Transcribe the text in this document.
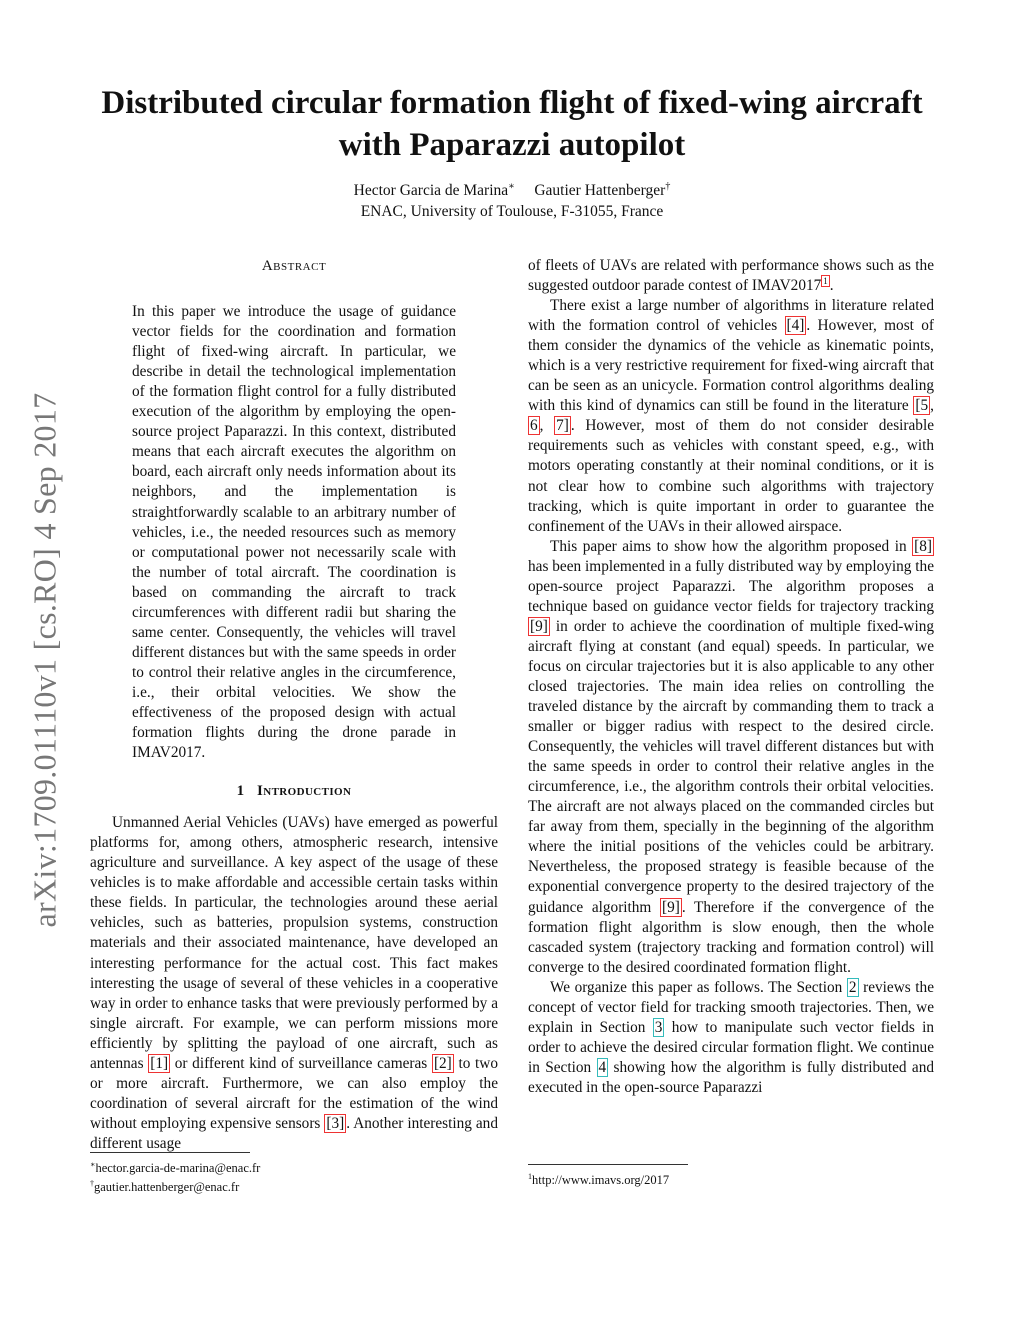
arXiv:1709.01110v1 [cs.RO] 4 Sep 2017
Distributed circular formation flight of fixed-wing aircraft with Paparazzi autopilot
Hector Garcia de Marina∗ Gautier Hattenberger†
ENAC, University of Toulouse, F-31055, France
Abstract

In this paper we introduce the usage of guidance vector fields for the coordination and formation flight of fixed-wing aircraft. In particular, we describe in detail the technological implementation of the formation flight control for a fully distributed execution of the algorithm by employing the open-source project Paparazzi. In this context, distributed means that each aircraft executes the algorithm on board, each aircraft only needs information about its neighbors, and the implementation is straightforwardly scalable to an arbitrary number of vehicles, i.e., the needed resources such as memory or computational power not necessarily scale with the number of total aircraft. The coordination is based on commanding the aircraft to track circumferences with different radii but sharing the same center. Consequently, the vehicles will travel different distances but with the same speeds in order to control their relative angles in the circumference, i.e., their orbital velocities. We show the effectiveness of the proposed design with actual formation flights during the drone parade in IMAV2017.

1 Introduction

Unmanned Aerial Vehicles (UAVs) have emerged as powerful platforms for, among others, atmospheric research, intensive agriculture and surveillance. A key aspect of the usage of these vehicles is to make affordable and accessible certain tasks within these fields. In particular, the technologies around these aerial vehicles, such as batteries, propulsion systems, construction materials and their associated maintenance, have developed an interesting performance for the actual cost. This fact makes interesting the usage of several of these vehicles in a cooperative way in order to enhance tasks that were previously performed by a single aircraft. For example, we can perform missions more efficiently by splitting the payload of one aircraft, such as antennas [1] or different kind of surveillance cameras [2] to two or more aircraft. Furthermore, we can also employ the coordination of several aircraft for the estimation of the wind without employing expensive sensors [3] . Another interesting and different usage

∗hector.garcia-de-marina@enac.fr
†gautier.hattenberger@enac.fr

of fleets of UAVs are related with performance shows such as the suggested outdoor parade contest of IMAV2017 $^1$ .

There exist a large number of algorithms in literature related with the formation control of vehicles [4] . However, most of them consider the dynamics of the vehicle as kinematic points, which is a very restrictive requirement for fixed-wing aircraft that can be seen as an unicycle. Formation control algorithms dealing with this kind of dynamics can still be found in the literature [5 , 6 , 7] . However, most of them do not consider desirable requirements such as vehicles with constant speed, e.g., with motors operating constantly at their nominal conditions, or it is not clear how to combine such algorithms with trajectory tracking, which is quite important in order to guarantee the confinement of the UAVs in their allowed airspace.

This paper aims to show how the algorithm proposed in [8] has been implemented in a fully distributed way by employing the open-source project Paparazzi. The algorithm proposes a technique based on guidance vector fields for trajectory tracking [9] in order to achieve the coordination of multiple fixed-wing aircraft flying at constant (and equal) speeds. In particular, we focus on circular trajectories but it is also applicable to any other closed trajectories. The main idea relies on controlling the traveled distance by the aircraft by commanding them to track a smaller or bigger radius with respect to the desired circle. Consequently, the vehicles will travel different distances but with the same speeds in order to control their relative angles in the circumference, i.e., the algorithm controls their orbital velocities. The aircraft are not always placed on the commanded circles but far away from them, specially in the beginning of the algorithm where the initial positions of the vehicles could be arbitrary. Nevertheless, the proposed strategy is feasible because of the exponential convergence property to the desired trajectory of the guidance algorithm [9] . Therefore if the convergence of the formation flight algorithm is slow enough, then the whole cascaded system (trajectory tracking and formation control) will converge to the desired coordinated formation flight.

We organize this paper as follows. The Section 2 reviews the concept of vector field for tracking smooth trajectories. Then, we explain in Section 3 how to manipulate such vector fields in order to achieve the desired circular formation flight. We continue in Section 4 showing how the algorithm is fully distributed and executed in the open-source Paparazzi

$^1$http://www.imavs.org/2017
